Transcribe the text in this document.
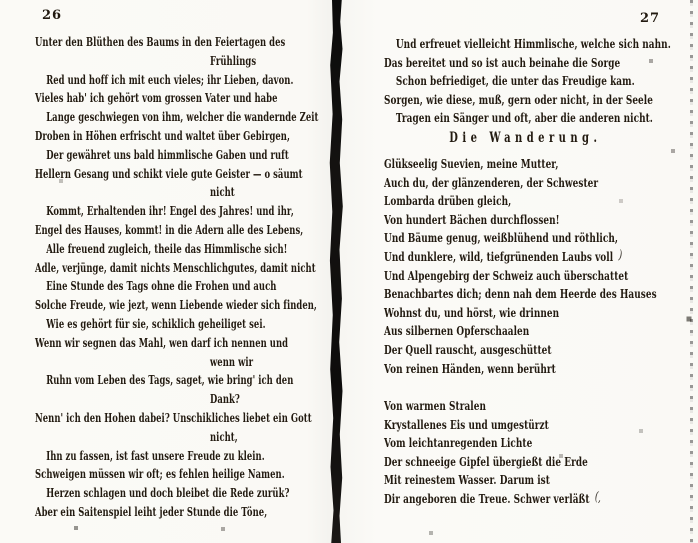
26	27
Unter den Blüthen des Baums in den Feiertagen des
Frühlings
Red und hoff ich mit euch vieles; ihr Lieben, davon.
Vieles hab' ich gehört vom grossen Vater und habe
Lange geschwiegen von ihm, welcher die wandernde Zeit
Droben in Höhen erfrischt und waltet über Gebirgen,
Der gewähret uns bald himmlische Gaben und ruft
Hellern Gesang und schikt viele gute Geister — o säumt
nicht
Kommt, Erhaltenden ihr! Engel des Jahres! und ihr,
Engel des Hauses, kommt! in die Adern alle des Lebens,
Alle freuend zugleich, theile das Himmlische sich!
Adle, verjünge, damit nichts Menschlichgutes, damit nicht
Eine Stunde des Tags ohne die Frohen und auch
Solche Freude, wie jezt, wenn Liebende wieder sich finden,
Wie es gehört für sie, schiklich geheiliget sei.
Wenn wir segnen das Mahl, wen darf ich nennen und
wenn wir
Ruhn vom Leben des Tags, saget, wie bring' ich den
Dank?
Nenn' ich den Hohen dabei? Unschikliches liebet ein Gott
nicht,
Ihn zu fassen, ist fast unsere Freude zu klein.
Schweigen müssen wir oft; es fehlen heilige Namen.
Herzen schlagen und doch bleibet die Rede zurük?
Aber ein Saitenspiel leiht jeder Stunde die Töne,
Und erfreuet vielleicht Himmlische, welche sich nahn.
Das bereitet und so ist auch beinahe die Sorge
Schon befriediget, die unter das Freudige kam.
Sorgen, wie diese, muß, gern oder nicht, in der Seele
Tragen ein Sänger und oft, aber die anderen nicht.
Die Wanderung.
Glükseelig Suevien, meine Mutter,
Auch du, der glänzenderen, der Schwester
Lombarda drüben gleich,
Von hundert Bächen durchflossen!
Und Bäume genug, weißblühend und röthlich,
Und dunklere, wild, tiefgrünenden Laubs voll )
Und Alpengebirg der Schweiz auch überschattet
Benachbartes dich; denn nah dem Heerde des Hauses
Wohnst du, und hörst, wie drinnen
Aus silbernen Opferschaalen
Der Quell rauscht, ausgeschüttet
Von reinen Händen, wenn berührt
Von warmen Stralen
Krystallenes Eis und umgestürzt
Vom leichtanregenden Lichte
Der schneeige Gipfel übergießt die Erde
Mit reinestem Wasser. Darum ist
Dir angeboren die Treue. Schwer verläßt (,
